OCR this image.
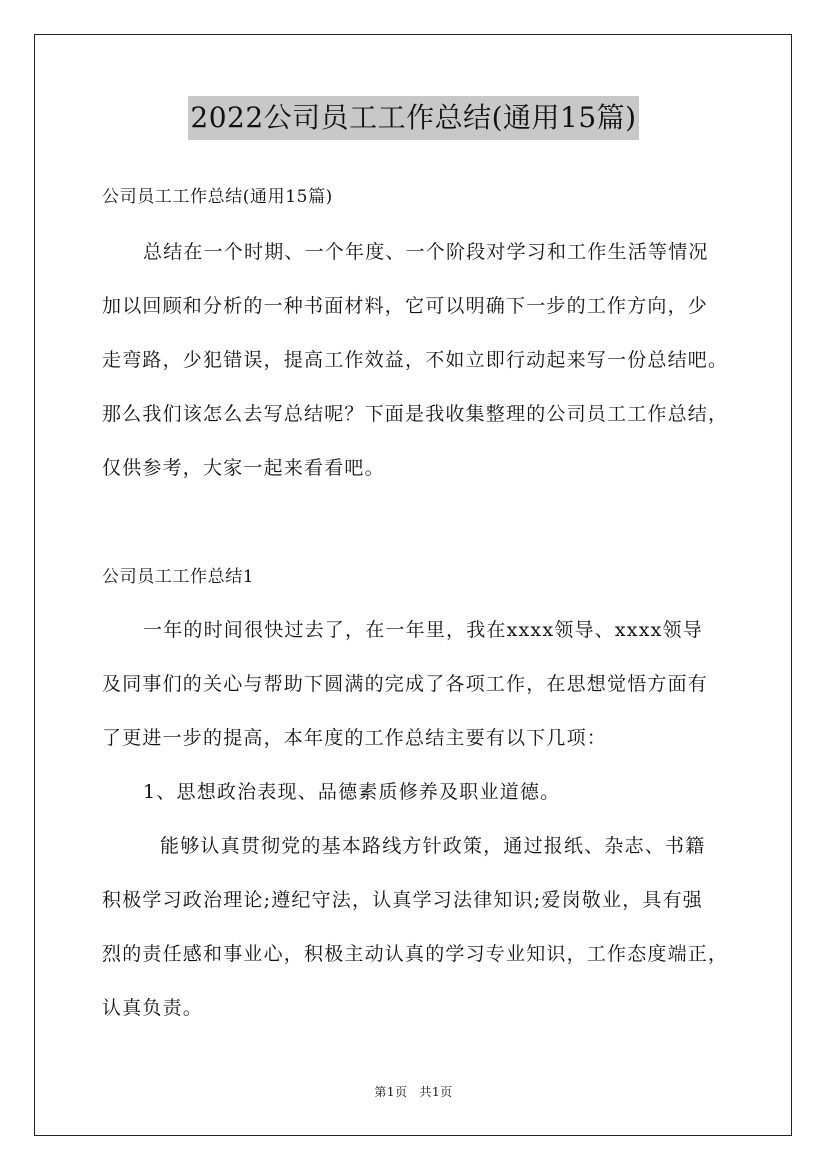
2022公司员工工作总结(通用15篇)
公司员工工作总结(通用15篇)
总结在一个时期、一个年度、一个阶段对学习和工作生活等情况
加以回顾和分析的一种书面材料，它可以明确下一步的工作方向，少
走弯路，少犯错误，提高工作效益，不如立即行动起来写一份总结吧。
那么我们该怎么去写总结呢？下面是我收集整理的公司员工工作总结，
仅供参考，大家一起来看看吧。
公司员工工作总结1
一年的时间很快过去了，在一年里，我在xxxx领导、xxxx领导
及同事们的关心与帮助下圆满的完成了各项工作，在思想觉悟方面有
了更进一步的提高，本年度的工作总结主要有以下几项：
1、思想政治表现、品德素质修养及职业道德。
能够认真贯彻党的基本路线方针政策，通过报纸、杂志、书籍
积极学习政治理论;遵纪守法，认真学习法律知识;爱岗敬业，具有强
烈的责任感和事业心，积极主动认真的学习专业知识，工作态度端正，
认真负责。
第1页 共1页
